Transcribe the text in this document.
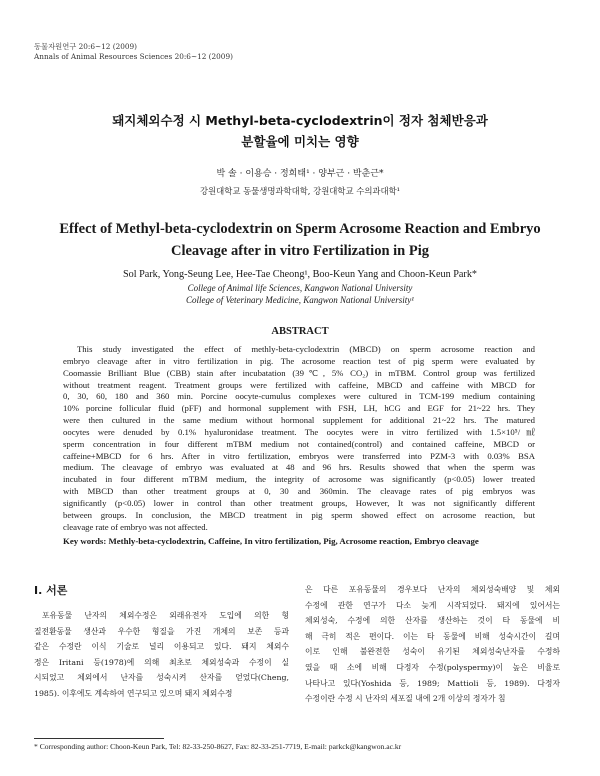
동물자원연구 20:6~12 (2009)
Annals of Animal Resources Sciences 20:6~12 (2009)
돼지체외수정 시 Methyl-beta-cyclodextrin이 정자 첨체반응과
분할율에 미치는 영향
박 솔 · 이용승 · 정희태¹ · 양부근 · 박춘근*
강원대학교 동물생명과학대학, 강원대학교 수의과대학¹
Effect of Methyl-beta-cyclodextrin on Sperm Acrosome Reaction and Embryo
Cleavage after in vitro Fertilization in Pig
Sol Park, Yong-Seung Lee, Hee-Tae Cheong¹, Boo-Keun Yang and Choon-Keun Park*
College of Animal life Sciences, Kangwon National University
College of Veterinary Medicine, Kangwon National University¹
ABSTRACT
This study investigated the effect of methly-beta-cyclodextrin (MBCD) on sperm acrosome reaction and
embryo cleavage after in vitro fertilization in pig. The acrosome reaction test of pig sperm were evaluated by
Coomassie Brilliant Blue (CBB) stain after incubatation (39℃, 5% CO₂) in mTBM. Control group was fertilized
without treatment reagent. Treatment groups were fertilized with caffeine, MBCD and caffeine with MBCD for
0, 30, 60, 180 and 360 min. Porcine oocyte-cumulus complexes were cultured in TCM-199 medium containing
10% porcine follicular fluid (pFF) and hormonal supplement with FSH, LH, hCG and EGF for 21~22 hrs. They
were then cultured in the same medium without hormonal supplement for additional 21~22 hrs. The matured
oocytes were denuded by 0.1% hyaluronidase treatment. The oocytes were in vitro fertilized with 1.5×10⁵/㎖
sperm concentration in four different mTBM medium not contained(control) and contained caffeine, MBCD or
caffeine+MBCD for 6 hrs. After in vitro fertilization, embryos were transferred into PZM-3 with 0.03% BSA
medium. The cleavage of embryo was evaluated at 48 and 96 hrs. Results showed that when the sperm was
incubated in four different mTBM medium, the integrity of acrosome was significantly (p<0.05) lower treated
with MBCD than other treatment groups at 0, 30 and 360min. The cleavage rates of pig embryos was
significantly (p<0.05) lower in control than other treatment groups, However, It was not significantly different
between groups. In conclusion, the MBCD treatment in pig sperm showed effect on acrosome reaction, but
cleavage rate of embryo was not affected.
Key words: Methly-beta-cyclodextrin, Caffeine, In vitro fertilization, Pig, Acrosome reaction, Embryo cleavage
Ⅰ. 서론
포유동물 난자의 체외수정은 외래유전자 도입에 의한 형
질전환동물 생산과 우수한 형질을 가진 개체의 보존 등과
같은 수정란 이식 기술로 널리 이용되고 있다. 돼지 체외수
정은 Iritani 등(1978)에 의해 최초로 체외성숙과 수정이 실
시되었고 체외에서 난자를 성숙시켜 산자를 얻었다(Cheng,
1985). 이후에도 계속하여 연구되고 있으며 돼지 체외수정
은 다른 포유동물의 경우보다 난자의 체외성숙배양 및 체외
수정에 관한 연구가 다소 늦게 시작되었다. 돼지에 있어서는
체외성숙, 수정에 의한 산자를 생산하는 것이 타 동물에 비
해 극히 적은 편이다. 이는 타 동물에 비해 성숙시간이 길며
이로 인해 불완전한 성숙이 유기된 체외성숙난자를 수정하
였을 때 소에 비해 다정자 수정(polyspermy)이 높은 비율로
나타나고 있다(Yoshida 등, 1989; Mattioli 등, 1989). 다정자
수정이란 수정 시 난자의 세포질 내에 2개 이상의 정자가 침
* Corresponding author: Choon-Keun Park, Tel: 82-33-250-8627, Fax: 82-33-251-7719, E-mail: parkck@kangwon.ac.kr
